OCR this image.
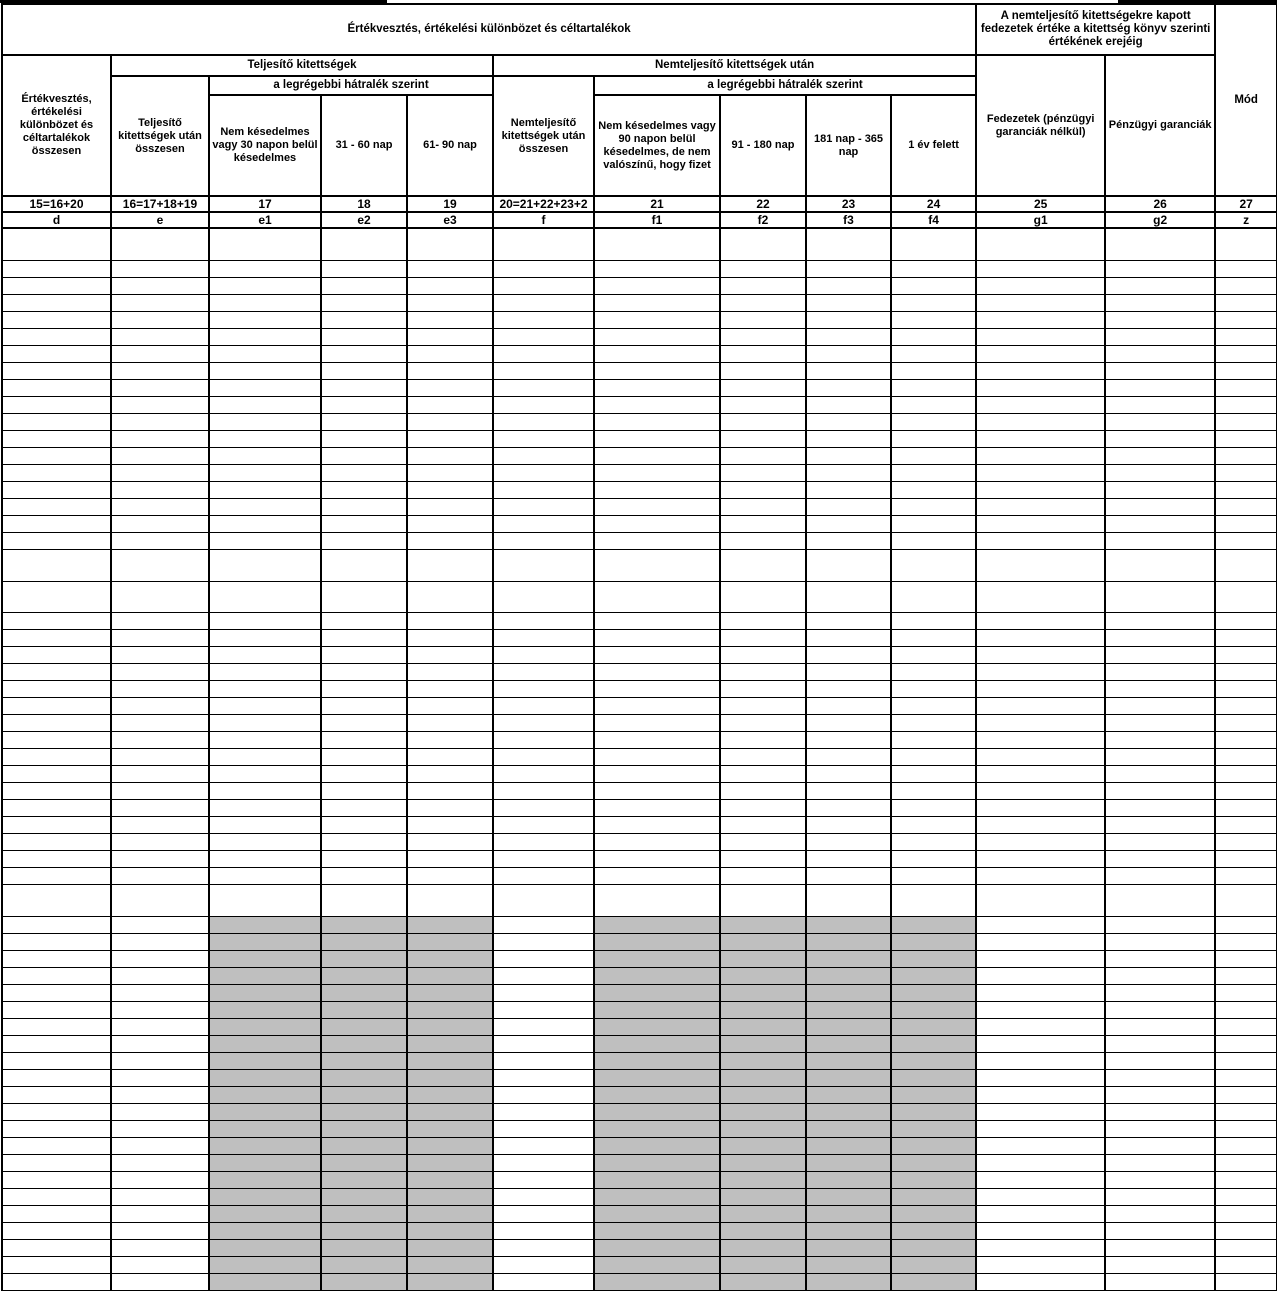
Értékvesztés, értékelési különbözet és céltartalékok										A nemteljesítő kitettségekre kapott fedezetek értéke a kitettség könyv szerinti értékének erejéig		Mód
Értékvesztés, értékelési különbözet és céltartalékok összesen	Teljesítő kitettségek				Nemteljesítő kitettségek után					Fedezetek (pénzügyi garanciák nélkül)	Pénzügyi garanciák	
	Teljesítő kitettségek után összesen	a legrégebbi hátralék szerint			Nemteljesítő kitettségek után összesen	a legrégebbi hátralék szerint						
		Nem késedelmes vagy 30 napon belül késedelmes	31 - 60 nap	61- 90 nap		Nem késedelmes vagy 90 napon belül késedelmes, de nem valószínű, hogy fizet	91 - 180 nap	181 nap - 365 nap	1 év felett			
15=16+20	16=17+18+19	17	18	19	20=21+22+23+2	21	22	23	24	25	26	27
d	e	e1	e2	e3	f	f1	f2	f3	f4	g1	g2	z
